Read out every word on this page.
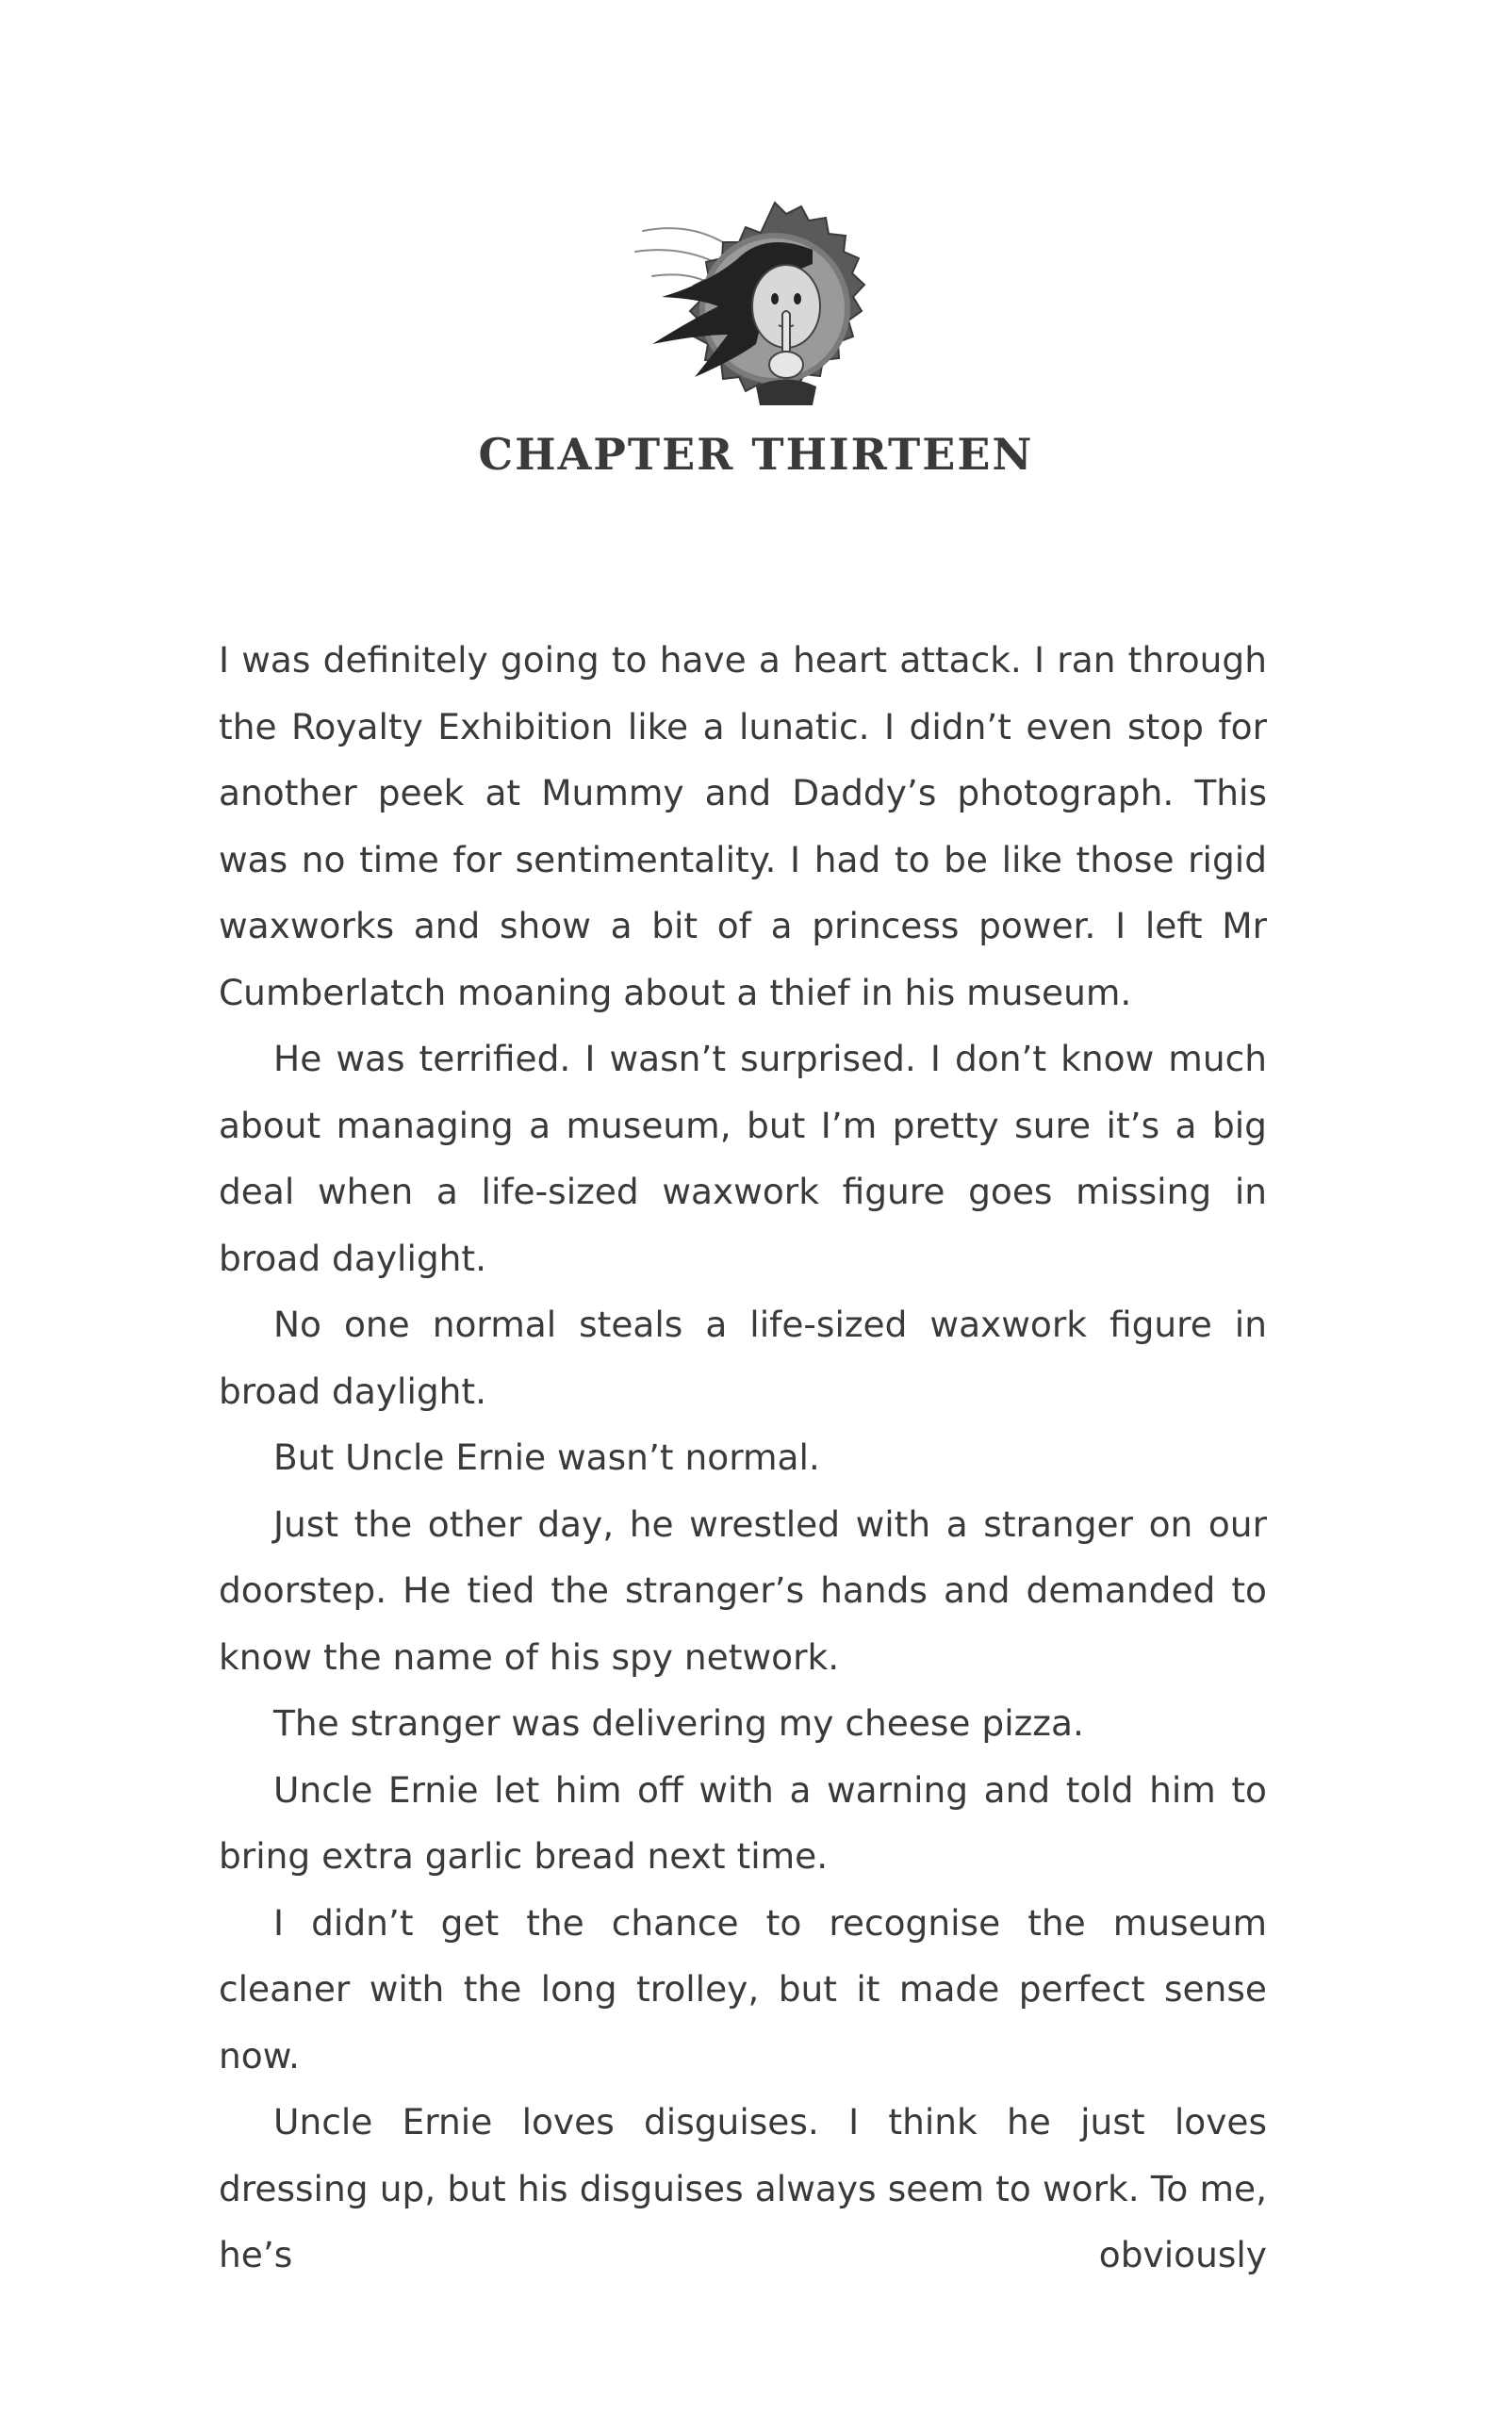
CHAPTER THIRTEEN

I was definitely going to have a heart attack. I ran through the Royalty Exhibition like a lunatic. I didn’t even stop for another peek at Mummy and Daddy’s photograph. This was no time for sentimentality. I had to be like those rigid waxworks and show a bit of a princess power. I left Mr Cumberlatch moaning about a thief in his museum.

He was terrified. I wasn’t surprised. I don’t know much about managing a museum, but I’m pretty sure it’s a big deal when a life-sized waxwork figure goes missing in broad daylight.

No one normal steals a life-sized waxwork figure in broad daylight.

But Uncle Ernie wasn’t normal.

Just the other day, he wrestled with a stranger on our doorstep. He tied the stranger’s hands and demanded to know the name of his spy network.

The stranger was delivering my cheese pizza.

Uncle Ernie let him off with a warning and told him to bring extra garlic bread next time.

I didn’t get the chance to recognise the museum cleaner with the long trolley, but it made perfect sense now.

Uncle Ernie loves disguises. I think he just loves dressing up, but his disguises always seem to work. To me, he’s obviously
